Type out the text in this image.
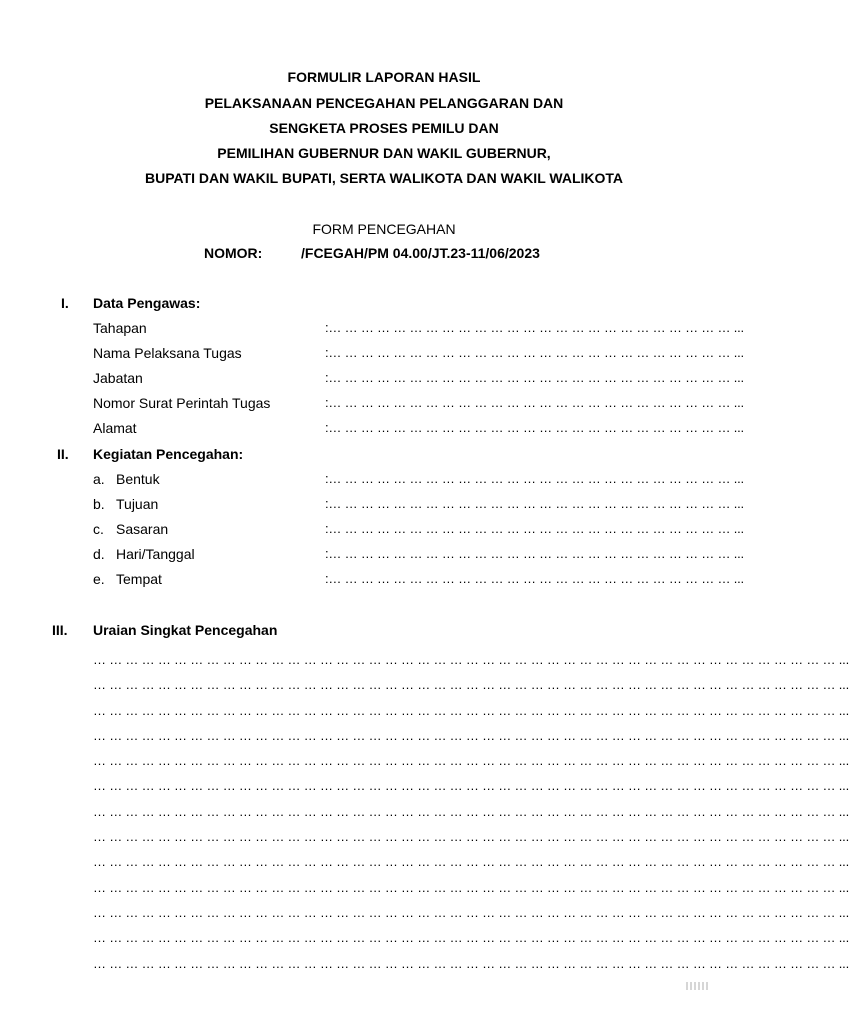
FORMULIR LAPORAN HASIL
PELAKSANAAN PENCEGAHAN PELANGGARAN DAN
SENGKETA PROSES PEMILU DAN
PEMILIHAN GUBERNUR DAN WAKIL GUBERNUR,
BUPATI DAN WAKIL BUPATI, SERTA WALIKOTA DAN WAKIL WALIKOTA
FORM PENCEGAHAN
NOMOR:	/FCEGAH/PM 04.00/JT.23-11/06/2023
I. Data Pengawas:
Tahapan	:… … … … … … … … … … … … … … … … … … … … … … … … … ...
Nama Pelaksana Tugas	:… … … … … … … … … … … … … … … … … … … … … … … … … ...
Jabatan	:… … … … … … … … … … … … … … … … … … … … … … … … … ...
Nomor Surat Perintah Tugas	:… … … … … … … … … … … … … … … … … … … … … … … … … ...
Alamat	:… … … … … … … … … … … … … … … … … … … … … … … … … ...
II. Kegiatan Pencegahan:
a. Bentuk	:… … … … … … … … … … … … … … … … … … … … … … … … … ...
b. Tujuan	:… … … … … … … … … … … … … … … … … … … … … … … … … ...
c. Sasaran	:… … … … … … … … … … … … … … … … … … … … … … … … … ...
d. Hari/Tanggal	:… … … … … … … … … … … … … … … … … … … … … … … … … ...
e. Tempat	:… … … … … … … … … … … … … … … … … … … … … … … … … ...
III. Uraian Singkat Pencegahan
… … … … … … … … … … … … … … … … … … … … … … … … … … … … … … … … … … … … … … … … … … … … … … ...
… … … … … … … … … … … … … … … … … … … … … … … … … … … … … … … … … … … … … … … … … … … … … … ...
… … … … … … … … … … … … … … … … … … … … … … … … … … … … … … … … … … … … … … … … … … … … … … ...
… … … … … … … … … … … … … … … … … … … … … … … … … … … … … … … … … … … … … … … … … … … … … … ...
… … … … … … … … … … … … … … … … … … … … … … … … … … … … … … … … … … … … … … … … … … … … … … ...
… … … … … … … … … … … … … … … … … … … … … … … … … … … … … … … … … … … … … … … … … … … … … … ...
… … … … … … … … … … … … … … … … … … … … … … … … … … … … … … … … … … … … … … … … … … … … … … ...
… … … … … … … … … … … … … … … … … … … … … … … … … … … … … … … … … … … … … … … … … … … … … … ...
… … … … … … … … … … … … … … … … … … … … … … … … … … … … … … … … … … … … … … … … … … … … … … ...
… … … … … … … … … … … … … … … … … … … … … … … … … … … … … … … … … … … … … … … … … … … … … … ...
… … … … … … … … … … … … … … … … … … … … … … … … … … … … … … … … … … … … … … … … … … … … … … ...
… … … … … … … … … … … … … … … … … … … … … … … … … … … … … … … … … … … … … … … … … … … … … … ...
… … … … … … … … … … … … … … … … … … … … … … … … … … … … … … … … … … … … … … … … … … … … … … ...
